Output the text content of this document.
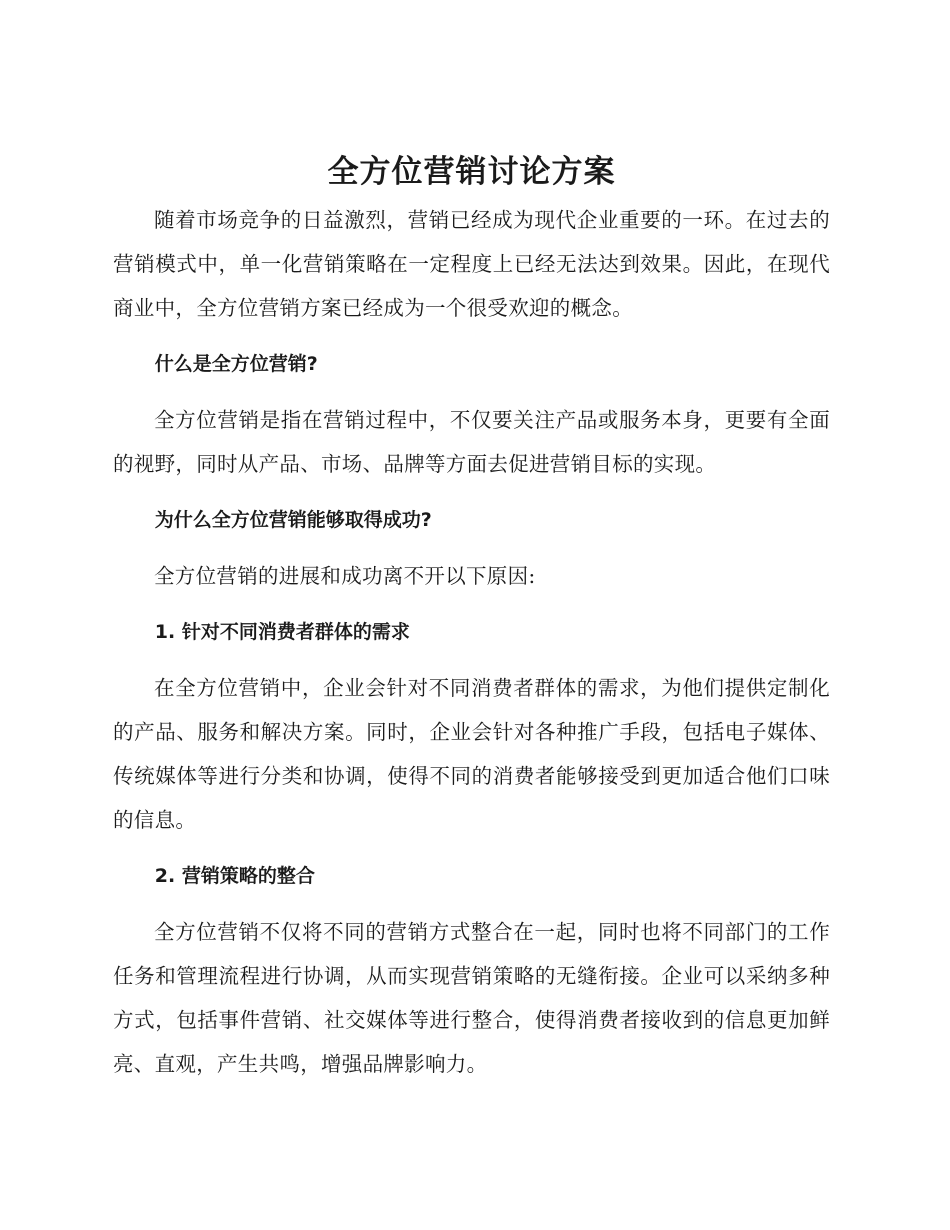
全方位营销讨论方案

随着市场竞争的日益激烈，营销已经成为现代企业重要的一环。在过去的营销模式中，单一化营销策略在一定程度上已经无法达到效果。因此，在现代商业中，全方位营销方案已经成为一个很受欢迎的概念。

什么是全方位营销?

全方位营销是指在营销过程中，不仅要关注产品或服务本身，更要有全面的视野，同时从产品、市场、品牌等方面去促进营销目标的实现。

为什么全方位营销能够取得成功?

全方位营销的进展和成功离不开以下原因:

1. 针对不同消费者群体的需求

在全方位营销中，企业会针对不同消费者群体的需求，为他们提供定制化的产品、服务和解决方案。同时，企业会针对各种推广手段，包括电子媒体、传统媒体等进行分类和协调，使得不同的消费者能够接受到更加适合他们口味的信息。

2. 营销策略的整合

全方位营销不仅将不同的营销方式整合在一起，同时也将不同部门的工作任务和管理流程进行协调，从而实现营销策略的无缝衔接。企业可以采纳多种方式，包括事件营销、社交媒体等进行整合，使得消费者接收到的信息更加鲜亮、直观，产生共鸣，增强品牌影响力。
